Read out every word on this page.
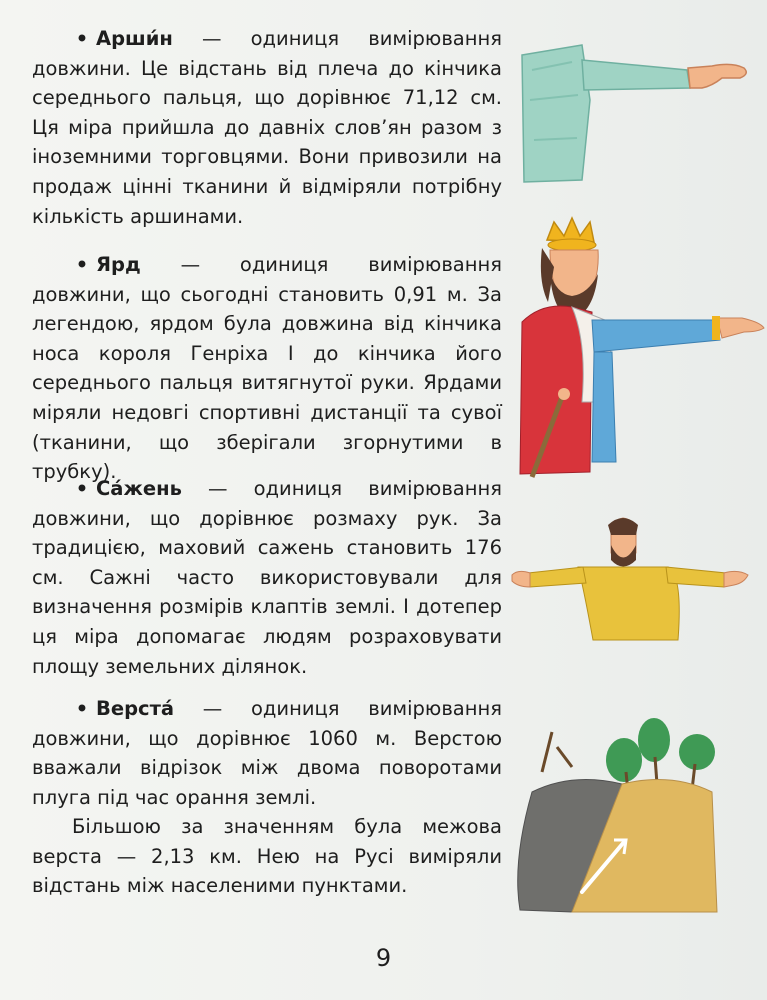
• Арши́н — одиниця вимірювання довжини. Це відстань від плеча до кінчика середнього пальця, що дорівнює 71,12 см. Ця міра прийшла до давніх слов’ян разом з іноземними торговцями. Вони привозили на продаж цінні тканини й відміряли потрібну кількість аршинами.

• Ярд — одиниця вимірювання довжини, що сьогодні становить 0,91 м. За легендою, ярдом була довжина від кінчика носа короля Генріха I до кінчика його середнього пальця витягнутої руки. Ярдами міряли недовгі спортивні дистанції та сувої (тканини, що зберігали згорнутими в трубку).

• Са́жень — одиниця вимірювання довжини, що дорівнює розмаху рук. За традицією, маховий сажень становить 176 см. Сажні часто використовували для визначення розмірів клаптів землі. І дотепер ця міра допомагає людям розраховувати площу земельних ділянок.

• Верста́ — одиниця вимірювання довжини, що дорівнює 1060 м. Верстою вважали відрізок між двома поворотами плуга під час орання землі.

Більшою за значенням була межова верста — 2,13 км. Нею на Русі виміряли відстань між населеними пунктами.

9
